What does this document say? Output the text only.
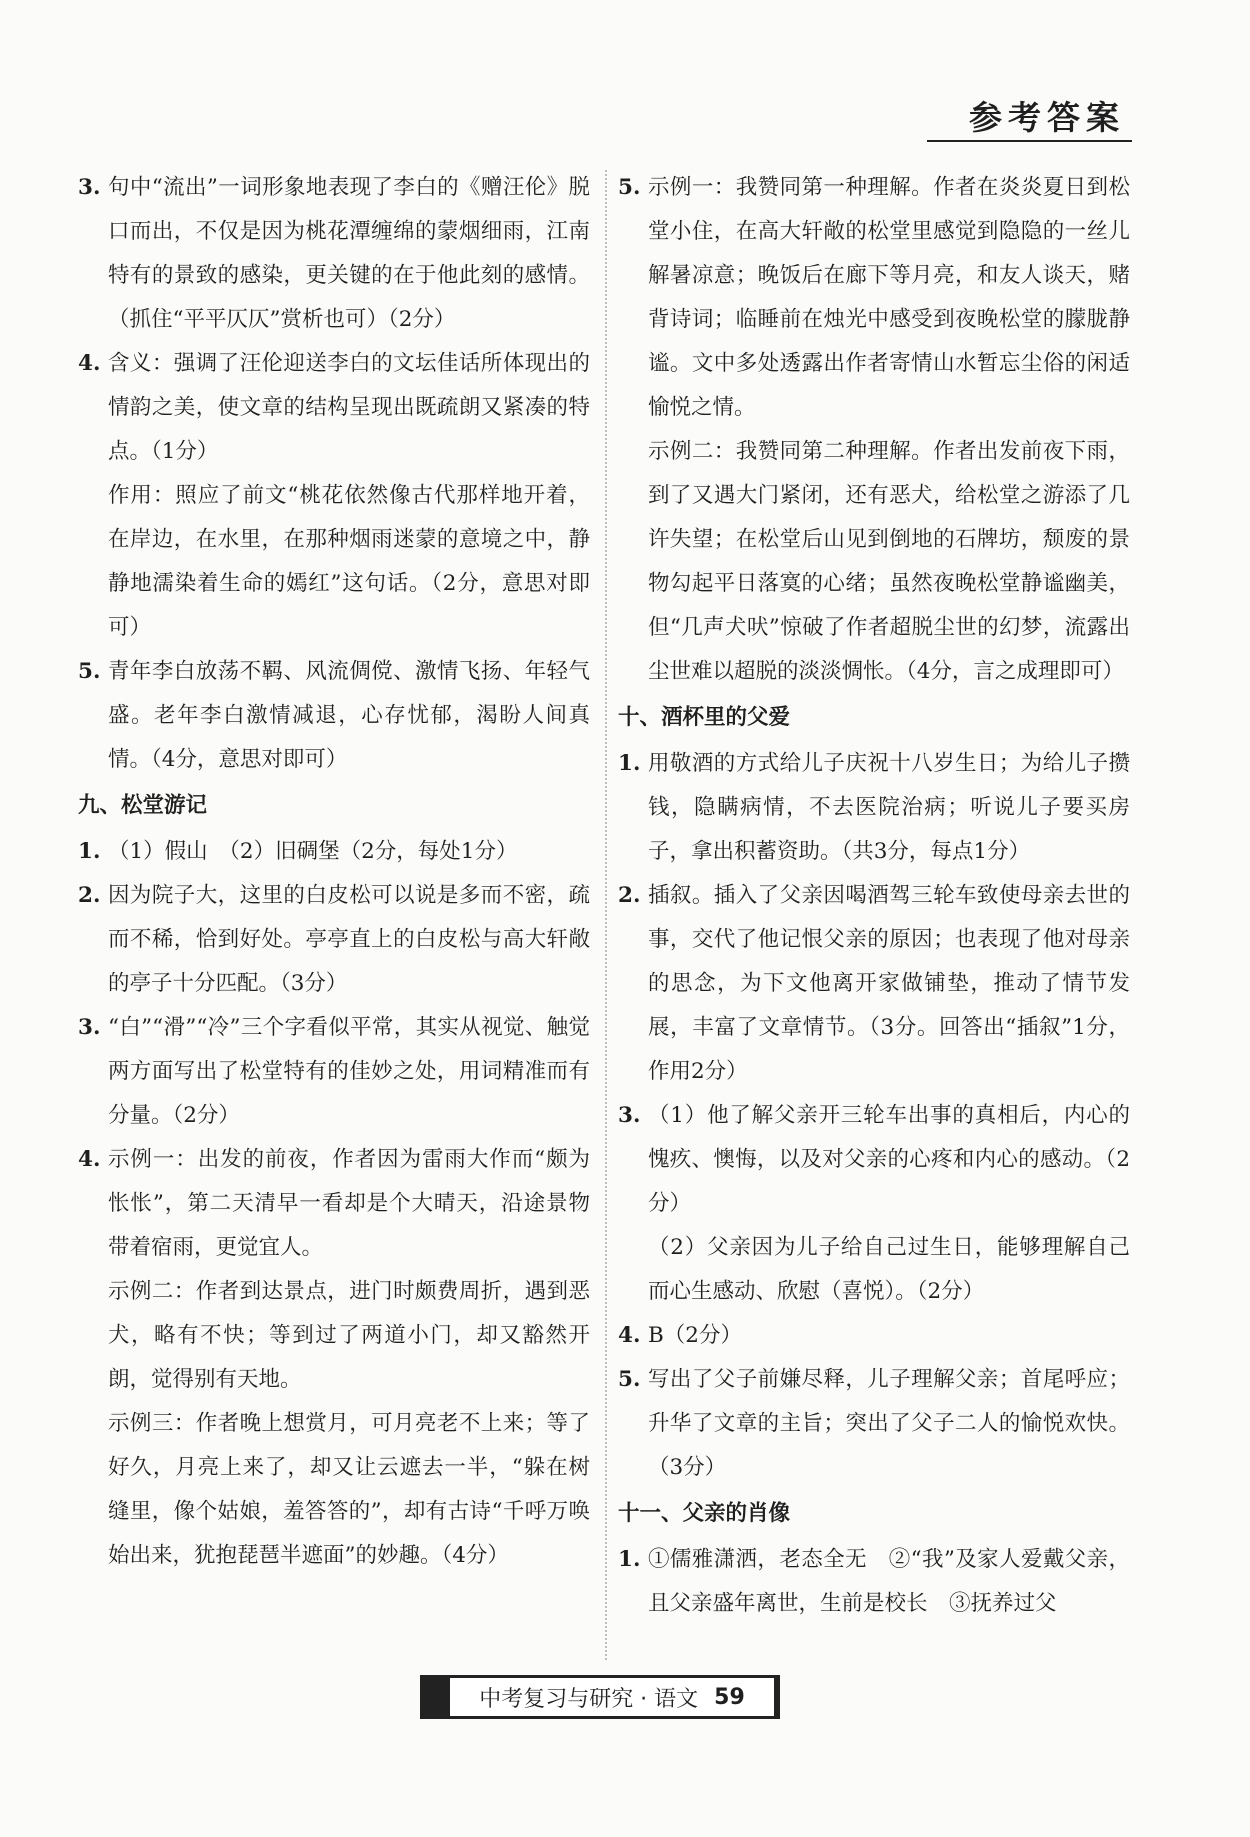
参考答案
3. 句中“流出”一词形象地表现了李白的《赠汪伦》脱口而出，不仅是因为桃花潭缠绵的蒙烟细雨，江南特有的景致的感染，更关键的在于他此刻的感情。（抓住“平平仄仄”赏析也可）（2分）
4. 含义：强调了汪伦迎送李白的文坛佳话所体现出的情韵之美，使文章的结构呈现出既疏朗又紧凑的特点。（1分）
作用：照应了前文“桃花依然像古代那样地开着，在岸边，在水里，在那种烟雨迷蒙的意境之中，静静地濡染着生命的嫣红”这句话。（2分，意思对即可）
5. 青年李白放荡不羁、风流倜傥、激情飞扬、年轻气盛。老年李白激情减退，心存忧郁，渴盼人间真情。（4分，意思对即可）
九、松堂游记
1. （1）假山　（2）旧碉堡（2分，每处1分）
2. 因为院子大，这里的白皮松可以说是多而不密，疏而不稀，恰到好处。亭亭直上的白皮松与高大轩敞的亭子十分匹配。（3分）
3. “白”“滑”“冷”三个字看似平常，其实从视觉、触觉两方面写出了松堂特有的佳妙之处，用词精准而有分量。（2分）
4. 示例一：出发的前夜，作者因为雷雨大作而“颇为怅怅”，第二天清早一看却是个大晴天，沿途景物带着宿雨，更觉宜人。
示例二：作者到达景点，进门时颇费周折，遇到恶犬，略有不快；等到过了两道小门，却又豁然开朗，觉得别有天地。
示例三：作者晚上想赏月，可月亮老不上来；等了好久，月亮上来了，却又让云遮去一半，“躲在树缝里，像个姑娘，羞答答的”，却有古诗“千呼万唤始出来，犹抱琵琶半遮面”的妙趣。（4分）
5. 示例一：我赞同第一种理解。作者在炎炎夏日到松堂小住，在高大轩敞的松堂里感觉到隐隐的一丝儿解暑凉意；晚饭后在廊下等月亮，和友人谈天，赌背诗词；临睡前在烛光中感受到夜晚松堂的朦胧静谧。文中多处透露出作者寄情山水暂忘尘俗的闲适愉悦之情。
示例二：我赞同第二种理解。作者出发前夜下雨，到了又遇大门紧闭，还有恶犬，给松堂之游添了几许失望；在松堂后山见到倒地的石牌坊，颓废的景物勾起平日落寞的心绪；虽然夜晚松堂静谧幽美，但“几声犬吠”惊破了作者超脱尘世的幻梦，流露出尘世难以超脱的淡淡惆怅。（4分，言之成理即可）
十、酒杯里的父爱
1. 用敬酒的方式给儿子庆祝十八岁生日；为给儿子攒钱，隐瞒病情，不去医院治病；听说儿子要买房子，拿出积蓄资助。（共3分，每点1分）
2. 插叙。插入了父亲因喝酒驾三轮车致使母亲去世的事，交代了他记恨父亲的原因；也表现了他对母亲的思念，为下文他离开家做铺垫，推动了情节发展，丰富了文章情节。（3分。回答出“插叙”1分，作用2分）
3. （1）他了解父亲开三轮车出事的真相后，内心的愧疚、懊悔，以及对父亲的心疼和内心的感动。（2分）
（2）父亲因为儿子给自己过生日，能够理解自己而心生感动、欣慰（喜悦）。（2分）
4. B（2分）
5. 写出了父子前嫌尽释，儿子理解父亲；首尾呼应；升华了文章的主旨；突出了父子二人的愉悦欢快。（3分）
十一、父亲的肖像
1. ①儒雅潇洒，老态全无　②“我”及家人爱戴父亲，且父亲盛年离世，生前是校长　③抚养过父
中考复习与研究 · 语文 59
